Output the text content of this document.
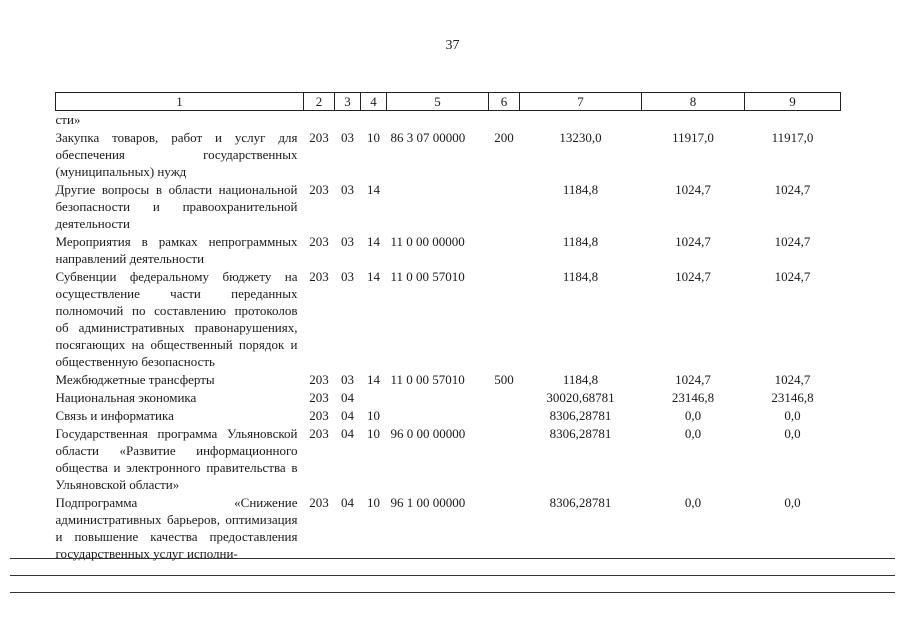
37
1	2	3	4	5	6	7	8	9
сти»								
Закупка товаров, работ и услуг для обеспечения государственных (муниципальных) нужд	203	03	10	86 3 07 00000	200	13230,0	11917,0	11917,0
Другие вопросы в области национальной безопасности и правоохранительной деятельности	203	03	14			1184,8	1024,7	1024,7
Мероприятия в рамках непрограммных направлений деятельности	203	03	14	11 0 00 00000		1184,8	1024,7	1024,7
Субвенции федеральному бюджету на осуществление части переданных полномочий по составлению протоколов об административных правонарушениях, посягающих на общественный порядок и общественную безопасность	203	03	14	11 0 00 57010		1184,8	1024,7	1024,7
Межбюджетные трансферты	203	03	14	11 0 00 57010	500	1184,8	1024,7	1024,7
Национальная экономика	203	04				30020,68781	23146,8	23146,8
Связь и информатика	203	04	10			8306,28781	0,0	0,0
Государственная программа Ульяновской области «Развитие информационного общества и электронного правительства в Ульяновской области»	203	04	10	96 0 00 00000		8306,28781	0,0	0,0
Подпрограмма «Снижение административных барьеров, оптимизация и повышение качества предоставления государственных услуг исполни-	203	04	10	96 1 00 00000		8306,28781	0,0	0,0
